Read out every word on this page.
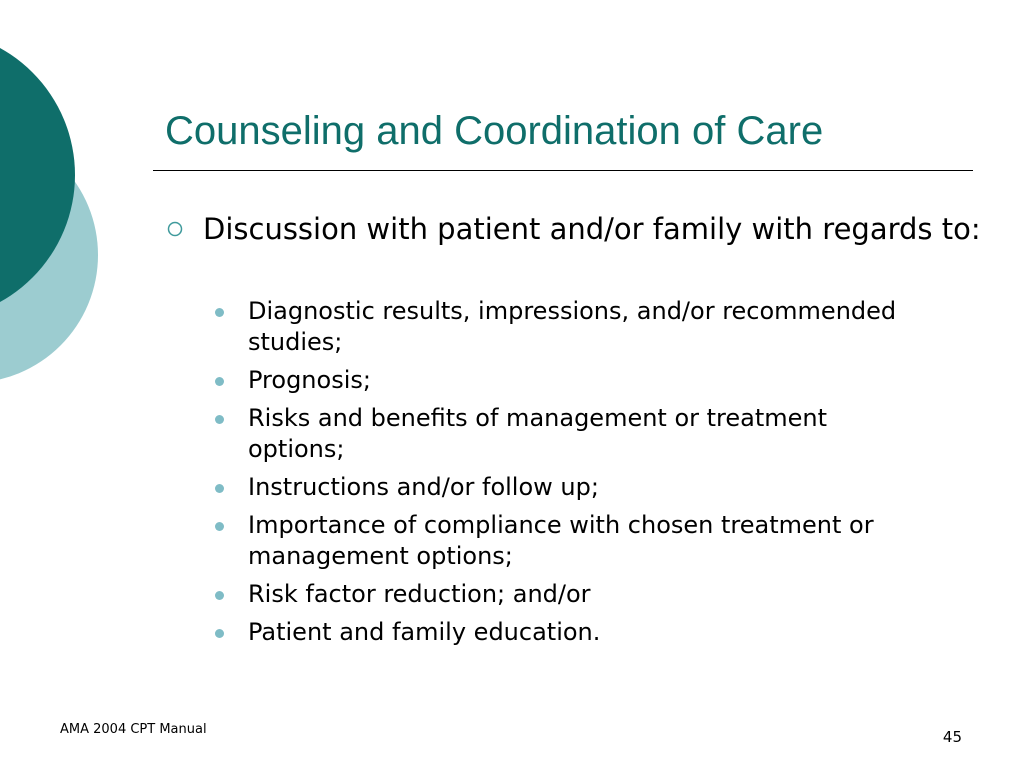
Counseling and Coordination of Care

Discussion with patient and/or family with regards to:

Diagnostic results, impressions, and/or recommended studies;
Prognosis;
Risks and benefits of management or treatment options;
Instructions and/or follow up;
Importance of compliance with chosen treatment or management options;
Risk factor reduction; and/or
Patient and family education.
AMA 2004 CPT Manual	45
